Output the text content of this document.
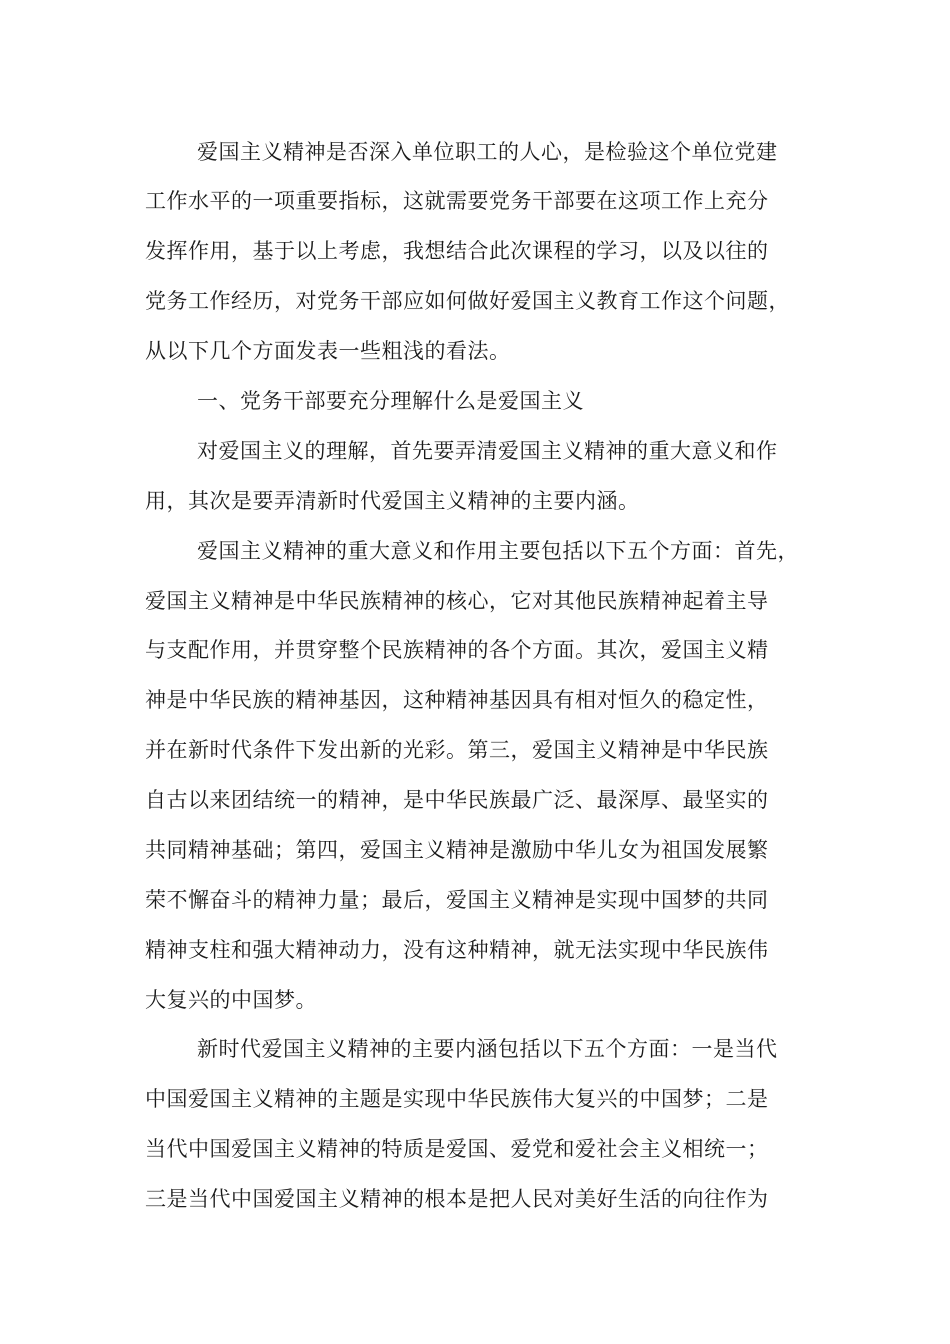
爱国主义精神是否深入单位职工的人心，是检验这个单位党建
工作水平的一项重要指标，这就需要党务干部要在这项工作上充分
发挥作用，基于以上考虑，我想结合此次课程的学习，以及以往的
党务工作经历，对党务干部应如何做好爱国主义教育工作这个问题，
从以下几个方面发表一些粗浅的看法。
一、党务干部要充分理解什么是爱国主义
对爱国主义的理解，首先要弄清爱国主义精神的重大意义和作
用，其次是要弄清新时代爱国主义精神的主要内涵。
爱国主义精神的重大意义和作用主要包括以下五个方面：首先，
爱国主义精神是中华民族精神的核心，它对其他民族精神起着主导
与支配作用，并贯穿整个民族精神的各个方面。其次，爱国主义精
神是中华民族的精神基因，这种精神基因具有相对恒久的稳定性，
并在新时代条件下发出新的光彩。第三，爱国主义精神是中华民族
自古以来团结统一的精神，是中华民族最广泛、最深厚、最坚实的
共同精神基础；第四，爱国主义精神是激励中华儿女为祖国发展繁
荣不懈奋斗的精神力量；最后，爱国主义精神是实现中国梦的共同
精神支柱和强大精神动力，没有这种精神，就无法实现中华民族伟
大复兴的中国梦。
新时代爱国主义精神的主要内涵包括以下五个方面：一是当代
中国爱国主义精神的主题是实现中华民族伟大复兴的中国梦；二是
当代中国爱国主义精神的特质是爱国、爱党和爱社会主义相统一；
三是当代中国爱国主义精神的根本是把人民对美好生活的向往作为
